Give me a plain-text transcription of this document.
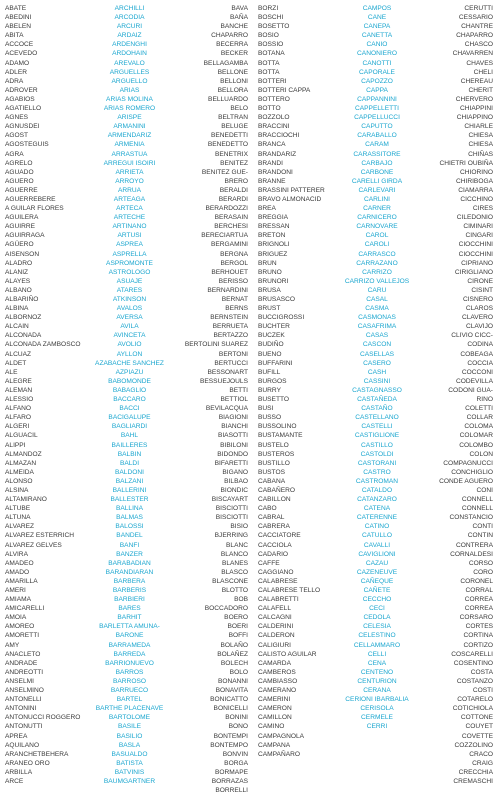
ABATE
ABEDINI
ABELEN
ABITA
ACCOCE
ACEVEDO
ADAMO
ADLER
ADRA
ADROVER
AGABIOS
AGATIELLO
AGNES
AGNUSDEI
AGOST
AGOSTEGUIS
AGRA
AGRELO
AGUADO
AGUERO
AGUERRE
AGUERREBERE
A GUILAR FLORES
AGUILERA
AGUIRRE
AGUIRRAGA
AGÜERO
AISENSON
ALADRO
ALANIZ
ALAYES
ALBANO
ALBARIÑO
ALBINA
ALBORNOZ
ALCAIN
ALCONADA
ALCONADA ZAMBOSCO
ALCUAZ
ALDET
ALE
ALEGRE
ALEMAN
ALESSIO
ALFANO
ALFARO
ALGERI
ALGUACIL
ALIPPI
ALMANDOZ
ALMAZAN
ALMEIDA
ALONSO
ALSINA
ALTAMIRANO
ALTUBE
ALTUNA
ALVAREZ
ALVAREZ ESTERRICH
ALVAREZ GELVES
ALVIRA
AMADEO
AMADO
AMARILLA
AMERI
AMIAMA
AMICARELLI
AMOIA
AMOREO
AMORETTI
AMY
ANACLETO
ANDRADE
ANDREOTTI
ANSELMI
ANSELMINO
ANTONELLI
ANTONINI
ANTONUCCI ROGGERO
ANTONUTTI
APREA
AQUILANO
ARANCHETBEHERA
ARANEO ORO
ARBILLA
ARCE
ARCHILLI
ARCODIA
ARCURI
ARDAIZ
ARDENGHI
ARDOHAIN
AREVALO
ARGUELLES
ARGUELLO
ARIAS
ARIAS MOLINA
ARIAS ROMERO
ARISPE
ARMANINI
ARMENDARIZ
ARMENIA
ARRASTUA
ARREGUI ISOIRI
ARRIETA
ARROYO
ARRUA
ARTEAGA
ARTECA
ARTECHE
ARTINANO
ARTUSI
ASPREA
ASPRELLA
ASPROMONTE
ASTROLOGO
ASUAJE
ATARES
ATKINSON
AVALOS
AVERSA
AVILA
AVINCETA
AVOLIO
AYLLON
AZABACHE SANCHEZ
AZPIAZU
BABOMONDE
BABAGLIO
BACCARO
BACCI
BACIGALUPE
BAGLIARDI
BAHL
BAILLERES
BALBIN
BALDI
BALDONI
BALZANI
BALLERINI
BALLESTER
BALLINA
BALMAS
BALOSSI
BANDEL
BANFI
BANZER
BARABADIAN
BARANDIARAN
BARBERA
BARBERIS
BARBIERI
BARES
BARHIT
BARLETTA AMUNA-
BARONE
BARRAMEDA
BARREDA
BARRIONUEVO
BARROS
BARROSO
BARRUECO
BARTEL
BARTHE PLACENAVE
BARTOLOME
BASILE
BASILIO
BASLA
BASUALDO
BATISTA
BATVINIS
BAUMGARTNER
BAVA
BAÑA
BANCHE
CHAPARRO
BECERRA
BECKER
BELLAGAMBA
BELLONE
BELLONI
BELLORA
BELLUARDO
BELO
BELTRAN
BELUGE
BENEDETTI
BENEDETTO
BENETRIX
BENITEZ
BENITEZ GUE-
BRERO
BERALDI
BERARDI
BERARDOZZI
BERASAIN
BERCHESI
BERECIARTUA
BERGAMINI
BERGNA
BERGOL
BERHOUET
BERISSO
BERNARDINI
BERNAT
BERNS
BERNSTEIN
BERRUETA
BERTAZZO
BERTOLINI SUAREZ
BERTONI
BERTUCCI
BESSONART
BESSUEJOULS
BETTI
BETTIOL
BEVILACQUA
BIAGIONI
BIANCHI
BIASOTTI
BIBILONI
BIDONDO
BIFARETTI
BIGANO
BILBAO
BIONDIC
BISCAYART
BISCIOTTI
BISCIOTTI
BISIO
BJERRING
BLANC
BLANCO
BLANES
BLASCO
BLASCONE
BLOTTO
BOB
BOCCADORO
BOERO
BOERI
BOFFI
BOLAÑO
BOLAÑEZ
BOLECH
BOLO
BONANNI
BONAVITA
BONICATTO
BONICELLI
BONINI
BONO
BONTEMPI
BONTEMPO
BONVIN
BORGA
BORMAPE
BORRAZAS
BORRELLI
BORZI
BOSCHI
BOSETTO
BOSIO
BOSSIO
BOTANA
BOTTA
BOTTA
BOTTERI
BOTTERI CAPPA
BOTTERO
BOTTO
BOZZOLO
BRACCINI
BRACCIOCHI
BRANCA
BRANDARIZ
BRANDI
BRANDONI
BRANNE
BRASSINI PATTERER
BRAVO ALMONACID
BREA
BREGGIA
BRESSAN
BRETON
BRIGNOLI
BRIGUEZ
BRUN
BRUNO
BRUNORI
BRUSA
BRUSASCO
BRUST
BUCCIGROSSI
BUCHTER
BUCZEK
BUDIÑO
BUENO
BUFFARINI
BUFILL
BURGOS
BURRY
BUSETTO
BUSI
BUSSO
BUSSOLINO
BUSTAMANTE
BUSTELO
BUSTEROS
BUSTILLO
BUSTOS
CABANA
CABAÑERO
CABILLON
CABO
CABRAL
CABRERA
CACCIATORE
CACCIOLA
CADARIO
CAFFE
CAGGIANO
CALABRESE
CALABRESE TELLO
CALABRETTI
CALAFELL
CALCAGNI
CALDERINI
CALDERON
CALIGIURI
CALISTO AGUILAR
CAMARDA
CAMBEROS
CAMBIASSO
CAMERANO
CAMERINI
CAMERON
CAMILLON
CAMINO
CAMPAGNOLA
CAMPANA
CAMPAÑARO
CAMPOS
CANE
CANEPA
CANETTA
CANIO
CANONIERO
CANOTTI
CAPORALE
CAPOZZO
CAPPA
CAPPANNINI
CAPPELLETTI
CAPPELLUCCI
CAPUTTO
CARABALLO
CARAM
CARASSITORE
CARBAJO
CARBONE
CARELLI GIRDA
CARLEVARI
CARLINI
CARNER
CARNICERO
CARNOVARE
CAROL
CAROLI
CARRASCO
CARRAZANO
CARRIZO
CARRIZO VALLEJOS
CARU
CASAL
CASMA
CASMONAS
CASAFRIMA
CASAS
CASCON
CASELLAS
CASERO
CASH
CASSINI
CASTAGNASSO
CASTAÑEDA
CASTAÑO
CASTELLANO
CASTELLI
CASTIGLIONE
CASTILLO
CASTOLDI
CASTORANI
CASTRO
CASTROMAN
CATALDO
CATANZARO
CATENA
CATERENNE
CATINO
CATULLO
CAVALLI
CAVIGLIONI
CAZAU
CAZENEUVE
CAÑEQUE
CAÑETE
CECCHO
CECI
CEDOLA
CELESIA
CELESTINO
CELLAMMARO
CELLI
CENA
CENTENO
CENTURION
CERANA
CERIONI IBARBALIA
CERISOLA
CERMELE
CERRI
CERUTTI
CESSARIO
CHANTRE
CHAPARRO
CHASCO
CHAVARREN
CHAVES
CHELI
CHEREAU
CHERIT
CHERVERO
CHIAPPINI
CHIAPPINO
CHIARLE
CHIESA
CHIESA
CHIÑAS
CHIETRI OUBIÑA
CHIORINO
CHIRIBOGA
CIAMARRA
CICCHINO
CIRES
CILEDONIO
CIMINARI
CINGARI
CIOCCHINI
CIOCCHINI
CIPRIANO
CIRIGLIANO
CIRONE
CISINT
CISNERO
CLAROS
CLAVERO
CLAVIJO
CLIVIO CICC-
CODINA
COBEAGA
COCCIA
COCCONI
CODEVILLA
CODONI GUA-
RINO
COLETTI
COLLAR
COLOMA
COLOMAR
COLOMBO
COLON
COMPAGNUCCI
CONCHIGLIO
CONDE AGUERO
CONI
CONNELL
CONNELL
CONSTANCIO
CONTI
CONTIN
CONTRERA
CORNALDESI
CORSO
CORO
CORONEL
CORRAL
CORREA
CORREA
CORSARO
CORTES
CORTINA
CORTIZO
COSCARELLI
COSENTINO
COSTA
COSTANZO
COSTI
COTARELO
COTICHIOLA
COTTONE
COUYET
COVETTE
COZZOLINO
CRACO
CRAIG
CRECCHIA
CREMASCHI
